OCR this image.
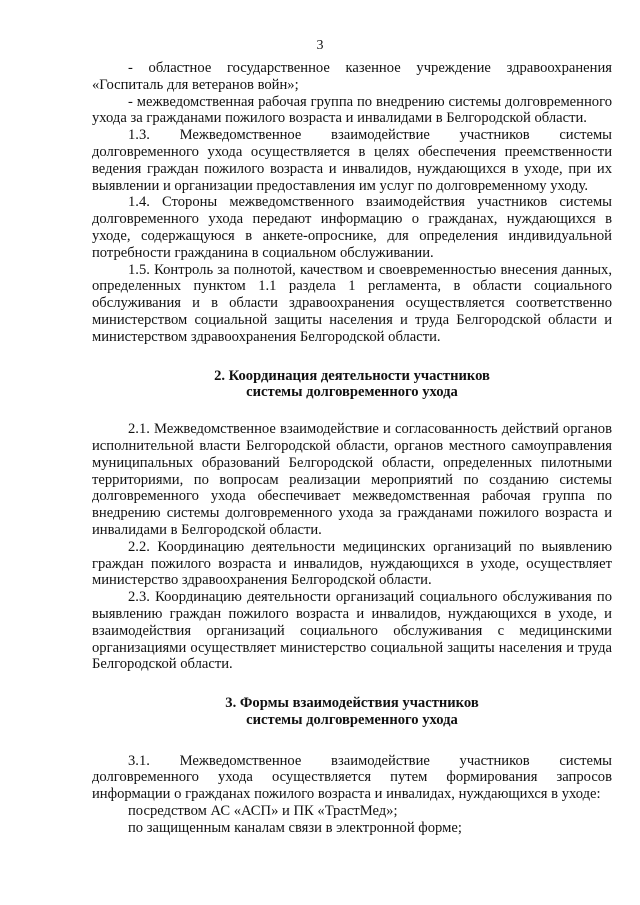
3

- областное государственное казенное учреждение здравоохранения «Госпиталь для ветеранов войн»;

- межведомственная рабочая группа по внедрению системы долговременного ухода за гражданами пожилого возраста и инвалидами в Белгородской области.

1.3. Межведомственное взаимодействие участников системы долговременного ухода осуществляется в целях обеспечения преемственности ведения граждан пожилого возраста и инвалидов, нуждающихся в уходе, при их выявлении и организации предоставления им услуг по долговременному уходу.

1.4. Стороны межведомственного взаимодействия участников системы долговременного ухода передают информацию о гражданах, нуждающихся в уходе, содержащуюся в анкете-опроснике, для определения индивидуальной потребности гражданина в социальном обслуживании.

1.5. Контроль за полнотой, качеством и своевременностью внесения данных, определенных пунктом 1.1 раздела 1 регламента, в области социального обслуживания и в области здравоохранения осуществляется соответственно министерством социальной защиты населения и труда Белгородской области и министерством здравоохранения Белгородской области.

2. Координация деятельности участников
системы долговременного ухода

2.1. Межведомственное взаимодействие и согласованность действий органов исполнительной власти Белгородской области, органов местного самоуправления муниципальных образований Белгородской области, определенных пилотными территориями, по вопросам реализации мероприятий по созданию системы долговременного ухода обеспечивает межведомственная рабочая группа по внедрению системы долговременного ухода за гражданами пожилого возраста и инвалидами в Белгородской области.

2.2. Координацию деятельности медицинских организаций по выявлению граждан пожилого возраста и инвалидов, нуждающихся в уходе, осуществляет министерство здравоохранения Белгородской области.

2.3. Координацию деятельности организаций социального обслуживания по выявлению граждан пожилого возраста и инвалидов, нуждающихся в уходе, и взаимодействия организаций социального обслуживания с медицинскими организациями осуществляет министерство социальной защиты населения и труда Белгородской области.

3. Формы взаимодействия участников
системы долговременного ухода

3.1. Межведомственное взаимодействие участников системы долговременного ухода осуществляется путем формирования запросов информации о гражданах пожилого возраста и инвалидах, нуждающихся в уходе:

посредством АС «АСП» и ПК «ТрастМед»;

по защищенным каналам связи в электронной форме;
